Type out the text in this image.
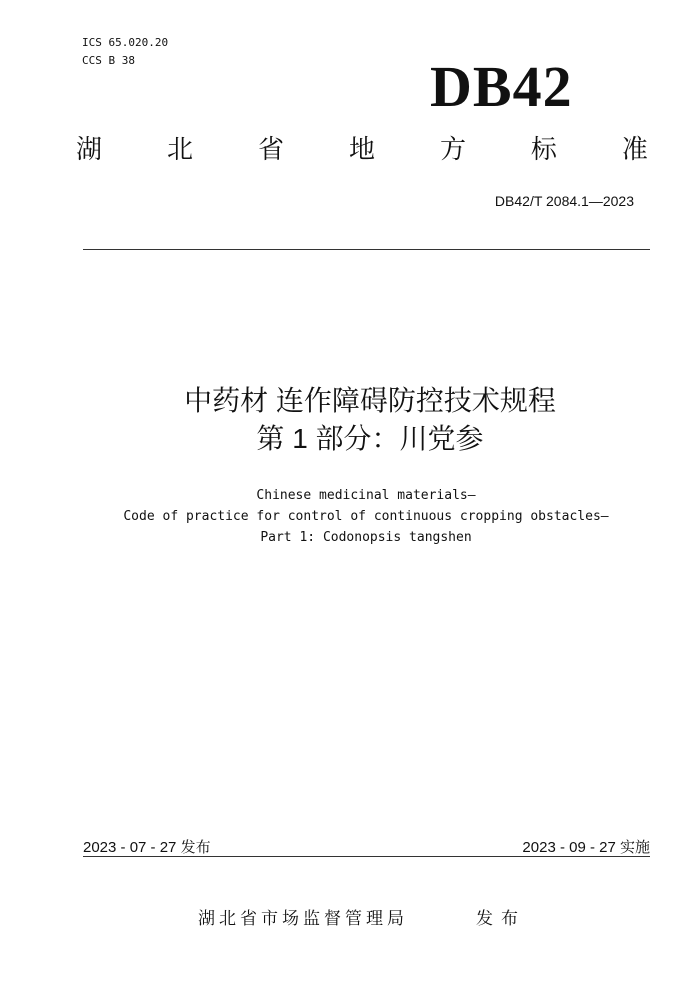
ICS 65.020.20
CCS B 38	DB42
湖 北 省 地 方 标 准
DB42/T 2084.1—2023
中药材 连作障碍防控技术规程
第 1 部分：川党参
Chinese medicinal materials—
Code of practice for control of continuous cropping obstacles—
Part 1: Codonopsis tangshen
2023 - 07 - 27 发布	2023 - 09 - 27 实施
湖北省市场监督管理局	发布
